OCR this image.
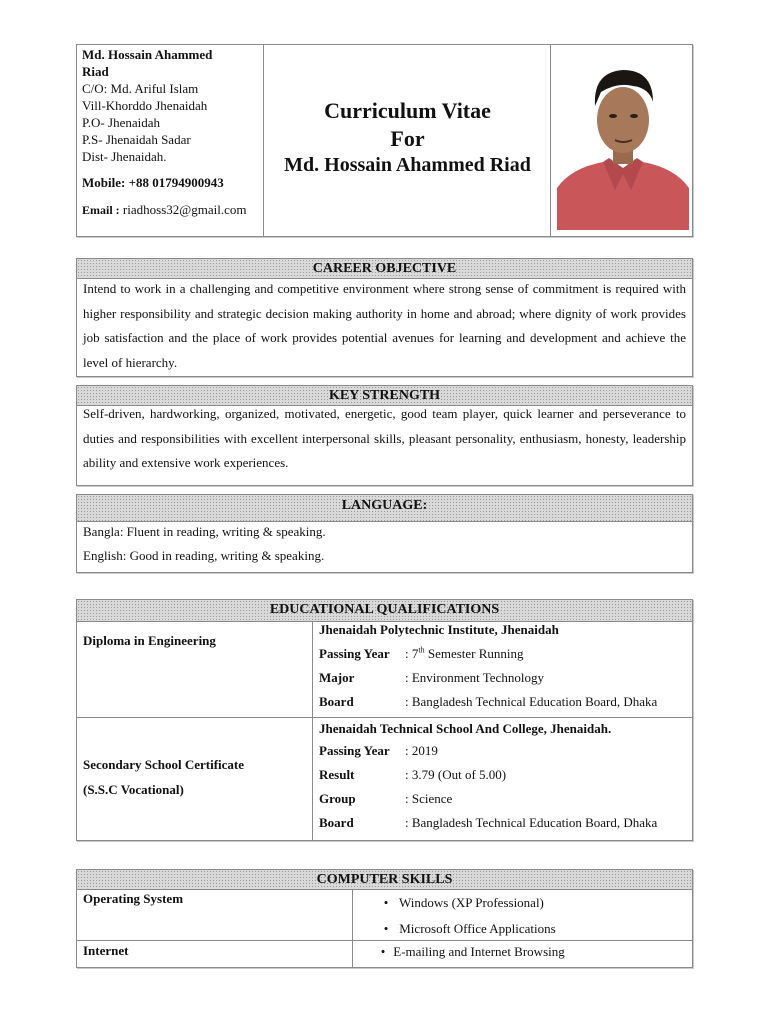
Md. Hossain Ahammed Riad
C/O: Md. Ariful Islam
Vill-Khorddo Jhenaidah
P.O- Jhenaidah
P.S- Jhenaidah Sadar
Dist- Jhenaidah.
Mobile: +88 01794900943
Email : riadhoss32@gmail.com
Curriculum Vitae
For
Md. Hossain Ahammed Riad
CAREER OBJECTIVE
Intend to work in a challenging and competitive environment where strong sense of commitment is required with higher responsibility and strategic decision making authority in home and abroad; where dignity of work provides job satisfaction and the place of work provides potential avenues for learning and development and achieve the level of hierarchy.
KEY STRENGTH
Self-driven, hardworking, organized, motivated, energetic, good team player, quick learner and perseverance to duties and responsibilities with excellent interpersonal skills, pleasant personality, enthusiasm, honesty, leadership ability and extensive work experiences.
LANGUAGE:
Bangla: Fluent in reading, writing & speaking.
English: Good in reading, writing & speaking.
EDUCATIONAL QUALIFICATIONS
Diploma in Engineering
Jhenaidah Polytechnic Institute, Jhenaidah
Passing Year : 7th Semester Running
Major	: Environment Technology
Board	: Bangladesh Technical Education Board, Dhaka
Secondary School Certificate
(S.S.C Vocational)
Jhenaidah Technical School And College, Jhenaidah.
Passing Year : 2019
Result	: 3.79 (Out of 5.00)
Group	: Science
Board	: Bangladesh Technical Education Board, Dhaka
COMPUTER SKILLS
Operating System	• Windows (XP Professional)
• Microsoft Office Applications
Internet	• E-mailing and Internet Browsing
